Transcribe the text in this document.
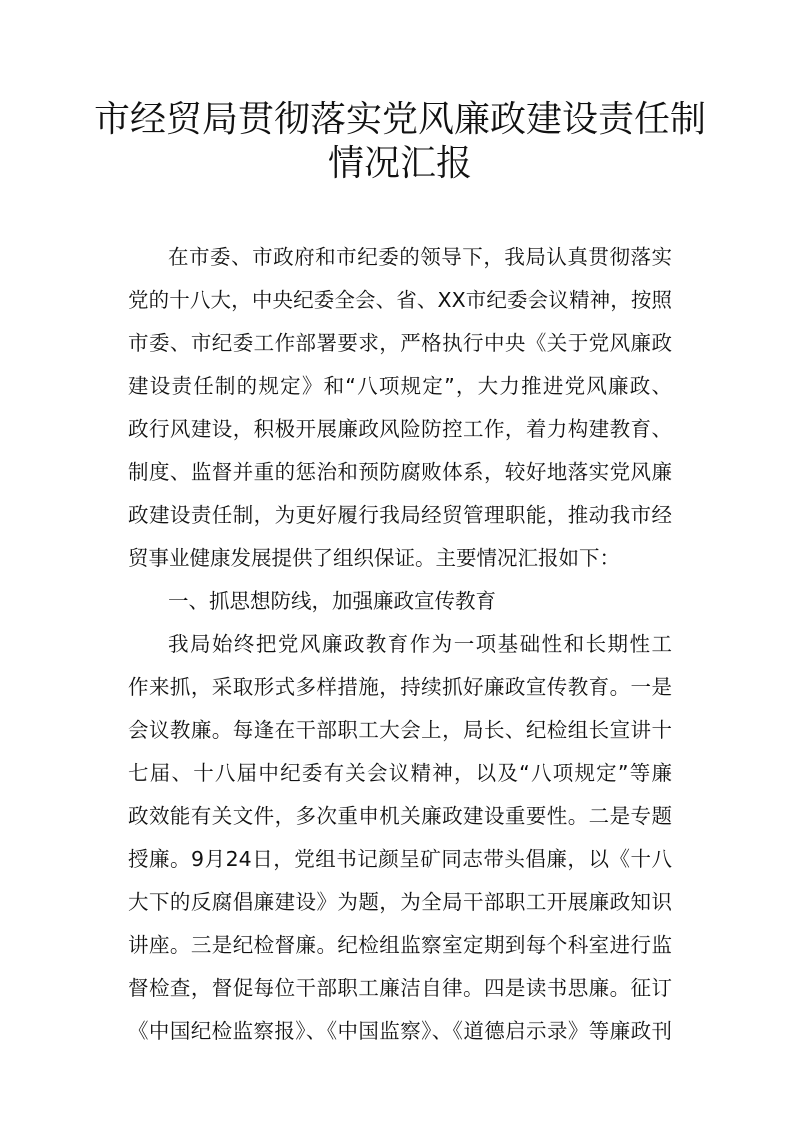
市经贸局贯彻落实党风廉政建设责任制
情况汇报
在市委、市政府和市纪委的领导下，我局认真贯彻落实
党的十八大，中央纪委全会、省、XX市纪委会议精神，按照
市委、市纪委工作部署要求，严格执行中央《关于党风廉政
建设责任制的规定》和“八项规定”，大力推进党风廉政、
政行风建设，积极开展廉政风险防控工作，着力构建教育、
制度、监督并重的惩治和预防腐败体系，较好地落实党风廉
政建设责任制，为更好履行我局经贸管理职能，推动我市经
贸事业健康发展提供了组织保证。主要情况汇报如下：
一、抓思想防线，加强廉政宣传教育
我局始终把党风廉政教育作为一项基础性和长期性工
作来抓，采取形式多样措施，持续抓好廉政宣传教育。一是
会议教廉。每逢在干部职工大会上，局长、纪检组长宣讲十
七届、十八届中纪委有关会议精神，以及“八项规定”等廉
政效能有关文件，多次重申机关廉政建设重要性。二是专题
授廉。9月24日，党组书记颜呈矿同志带头倡廉，以《十八
大下的反腐倡廉建设》为题，为全局干部职工开展廉政知识
讲座。三是纪检督廉。纪检组监察室定期到每个科室进行监
督检查，督促每位干部职工廉洁自律。四是读书思廉。征订
《中国纪检监察报》、《中国监察》、《道德启示录》等廉政刊
